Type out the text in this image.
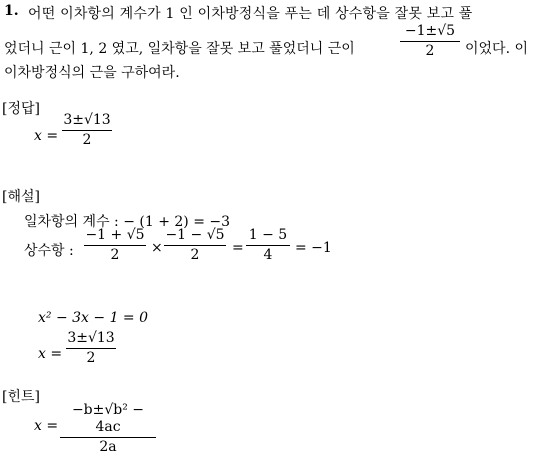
1. 어떤 이차항의 계수가 1 인 이차방정식을 푸는 데 상수항을 잘못 보고 풀
었더니 근이 1, 2 였고, 일차항을 잘못 보고 풀었더니 근이
−1±√5
2	이었다. 이
이차방정식의 근을 구하여라.
[정답]
x =
3±√13
2
[해설]
일차항의 계수 : − (1 + 2) = −3
상수항 :
−1 + √5
2	×
−1 − √5
2	=
1 − 5
4	= −1
x² − 3x − 1 = 0
x =
3±√13
2
[힌트]
x =
−b±√b² − 4ac
2a
